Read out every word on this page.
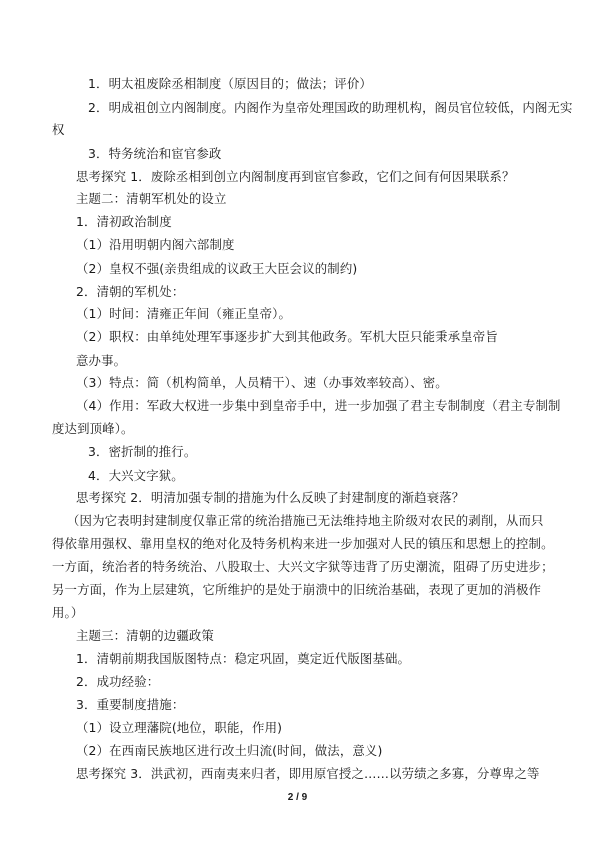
1．明太祖废除丞相制度（原因目的；做法；评价）
2．明成祖创立内阁制度。内阁作为皇帝处理国政的助理机构，阁员官位较低，内阁无实
权
3．特务统治和宦官参政
思考探究 1．废除丞相到创立内阁制度再到宦官参政，它们之间有何因果联系？
主题二：清朝军机处的设立
1．清初政治制度
（1）沿用明朝内阁六部制度
（2）皇权不强(亲贵组成的议政王大臣会议的制约)
2．清朝的军机处：
（1）时间：清雍正年间（雍正皇帝）。
（2）职权：由单纯处理军事逐步扩大到其他政务。军机大臣只能秉承皇帝旨
意办事。
（3）特点：简（机构简单，人员精干）、速（办事效率较高）、密。
（4）作用：军政大权进一步集中到皇帝手中，进一步加强了君主专制制度（君主专制制
度达到顶峰）。
3．密折制的推行。
4．大兴文字狱。
思考探究 2．明清加强专制的措施为什么反映了封建制度的渐趋衰落？
（因为它表明封建制度仅靠正常的统治措施已无法维持地主阶级对农民的剥削，从而只
得依靠用强权、靠用皇权的绝对化及特务机构来进一步加强对人民的镇压和思想上的控制。
一方面，统治者的特务统治、八股取士、大兴文字狱等违背了历史潮流，阻碍了历史进步；
另一方面，作为上层建筑，它所维护的是处于崩溃中的旧统治基础，表现了更加的消极作
用。）
主题三：清朝的边疆政策
1．清朝前期我国版图特点：稳定巩固，奠定近代版图基础。
2．成功经验：
3．重要制度措施：
（1）设立理藩院(地位，职能，作用)
（2）在西南民族地区进行改土归流(时间，做法，意义)
思考探究 3．洪武初，西南夷来归者，即用原官授之……以劳绩之多寡，分尊卑之等
2 / 9
